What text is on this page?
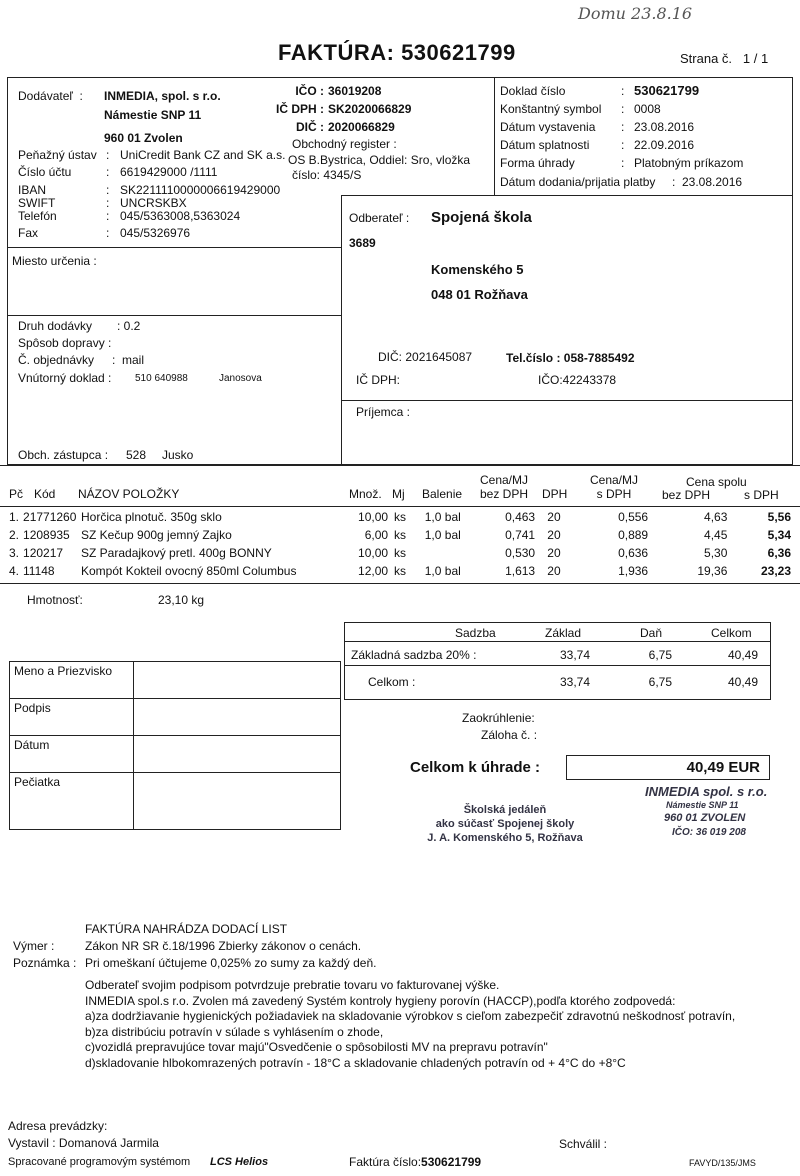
Domu 23.8.16
FAKTÚRA: 530621799	Strana č. 1 / 1
Dodávateľ  : INMEDIA, spol. s r.o.
Námestie SNP 11
960 01 Zvolen
IČO : 36019208
IČ DPH : SK2020066829
DIČ : 2020066829
Obchodný register :
OS B.Bystrica, Oddiel: Sro, vložka
číslo: 4345/S
Peňažný ústav : UniCredit Bank CZ and SK a.s.
Číslo účtu	: 6619429000 /1111
IBAN	: SK2211110000006619429000
SWIFT	: UNCRSKBX
Telefón	: 045/5363008,5363024
Fax	: 045/5326976
Doklad číslo	: 530621799
Konštantný symbol : 0008
Dátum vystavenia : 23.08.2016
Dátum splatnosti	: 22.09.2016
Forma úhrady	: Platobným príkazom
Dátum dodania/prijatia platby : 23.08.2016
Odberateľ : Spojená škola
3689
Komenského 5
048 01 Rožňava
DIČ: 2021645087	Tel.číslo : 058-7885492
IČ DPH:	IČO:42243378
Príjemca :
Miesto určenia :
Druh dodávky : 0.2
Spôsob dopravy :
Č. objednávky :  mail
Vnútorný doklad : 510 640988	Janosova
Obch. zástupca : 528 Jusko
Pč Kód NÁZOV POLOŽKY	Množ. Mj Balenie
Cena/MJ
bez DPH	DPH
Cena/MJ
s DPH
Cena spolu
bez DPH	s DPH
1.	21771260	Horčica plnotuč. 350g sklo	10,00	ks	1,0 bal	0,463	20	0,556	4,63	5,56
2.	1208935	SZ Kečup 900g jemný Zajko	6,00	ks	1,0 bal	0,741	20	0,889	4,45	5,34
3.	120217	SZ Paradajkový pretl. 400g BONNY	10,00	ks		0,530	20	0,636	5,30	6,36
4.	11148	Kompót Kokteil ovocný 850ml Columbus	12,00	ks	1,0 bal	1,613	20	1,936	19,36	23,23
Hmotnosť:	23,10 kg
Sadzba	Základ	Daň	Celkom
Základná sadzba 20% :	33,74	6,75	40,49
Celkom :	33,74	6,75	40,49
Meno a Priezvisko	
Podpis	
Dátum	
Pečiatka	
Zaokrúhlenie:
Záloha č. :
Celkom k úhrade :	40,49 EUR
Školská jedáleň
ako súčasť Spojenej školy
J. A. Komenského 5, Rožňava
INMEDIA spol. s r.o.
Námestie SNP 11
960 01 ZVOLEN
IČO: 36 019 208
FAKTÚRA NAHRÁDZA DODACÍ LIST
Výmer :	Zákon NR SR č.18/1996 Zbierky zákonov o cenách.
Poznámka : Pri omeškaní účtujeme 0,025% zo sumy za každý deň.
Odberateľ svojim podpisom potvrdzuje prebratie tovaru vo fakturovanej výške.
INMEDIA spol.s r.o. Zvolen má zavedený Systém kontroly hygieny porovín (HACCP),podľa ktorého zodpovedá:
a)za dodržiavanie hygienických požiadaviek na skladovanie výrobkov s cieľom zabezpečiť zdravotnú neškodnosť potravín,
b)za distribúciu potravín v súlade s vyhlásením o zhode,
c)vozidlá prepravujúce tovar majú"Osvedčenie o spôsobilosti MV na prepravu potravín"
d)skladovanie hlbokomrazených potravín - 18°C a skladovanie chladených potravín od + 4°C do +8°C
Adresa prevádzky:
Vystavil : Domanová Jarmila	Schválil :
Spracované programovým systémom LCS Helios	Faktúra číslo:530621799	FAVYD/135/JMS
